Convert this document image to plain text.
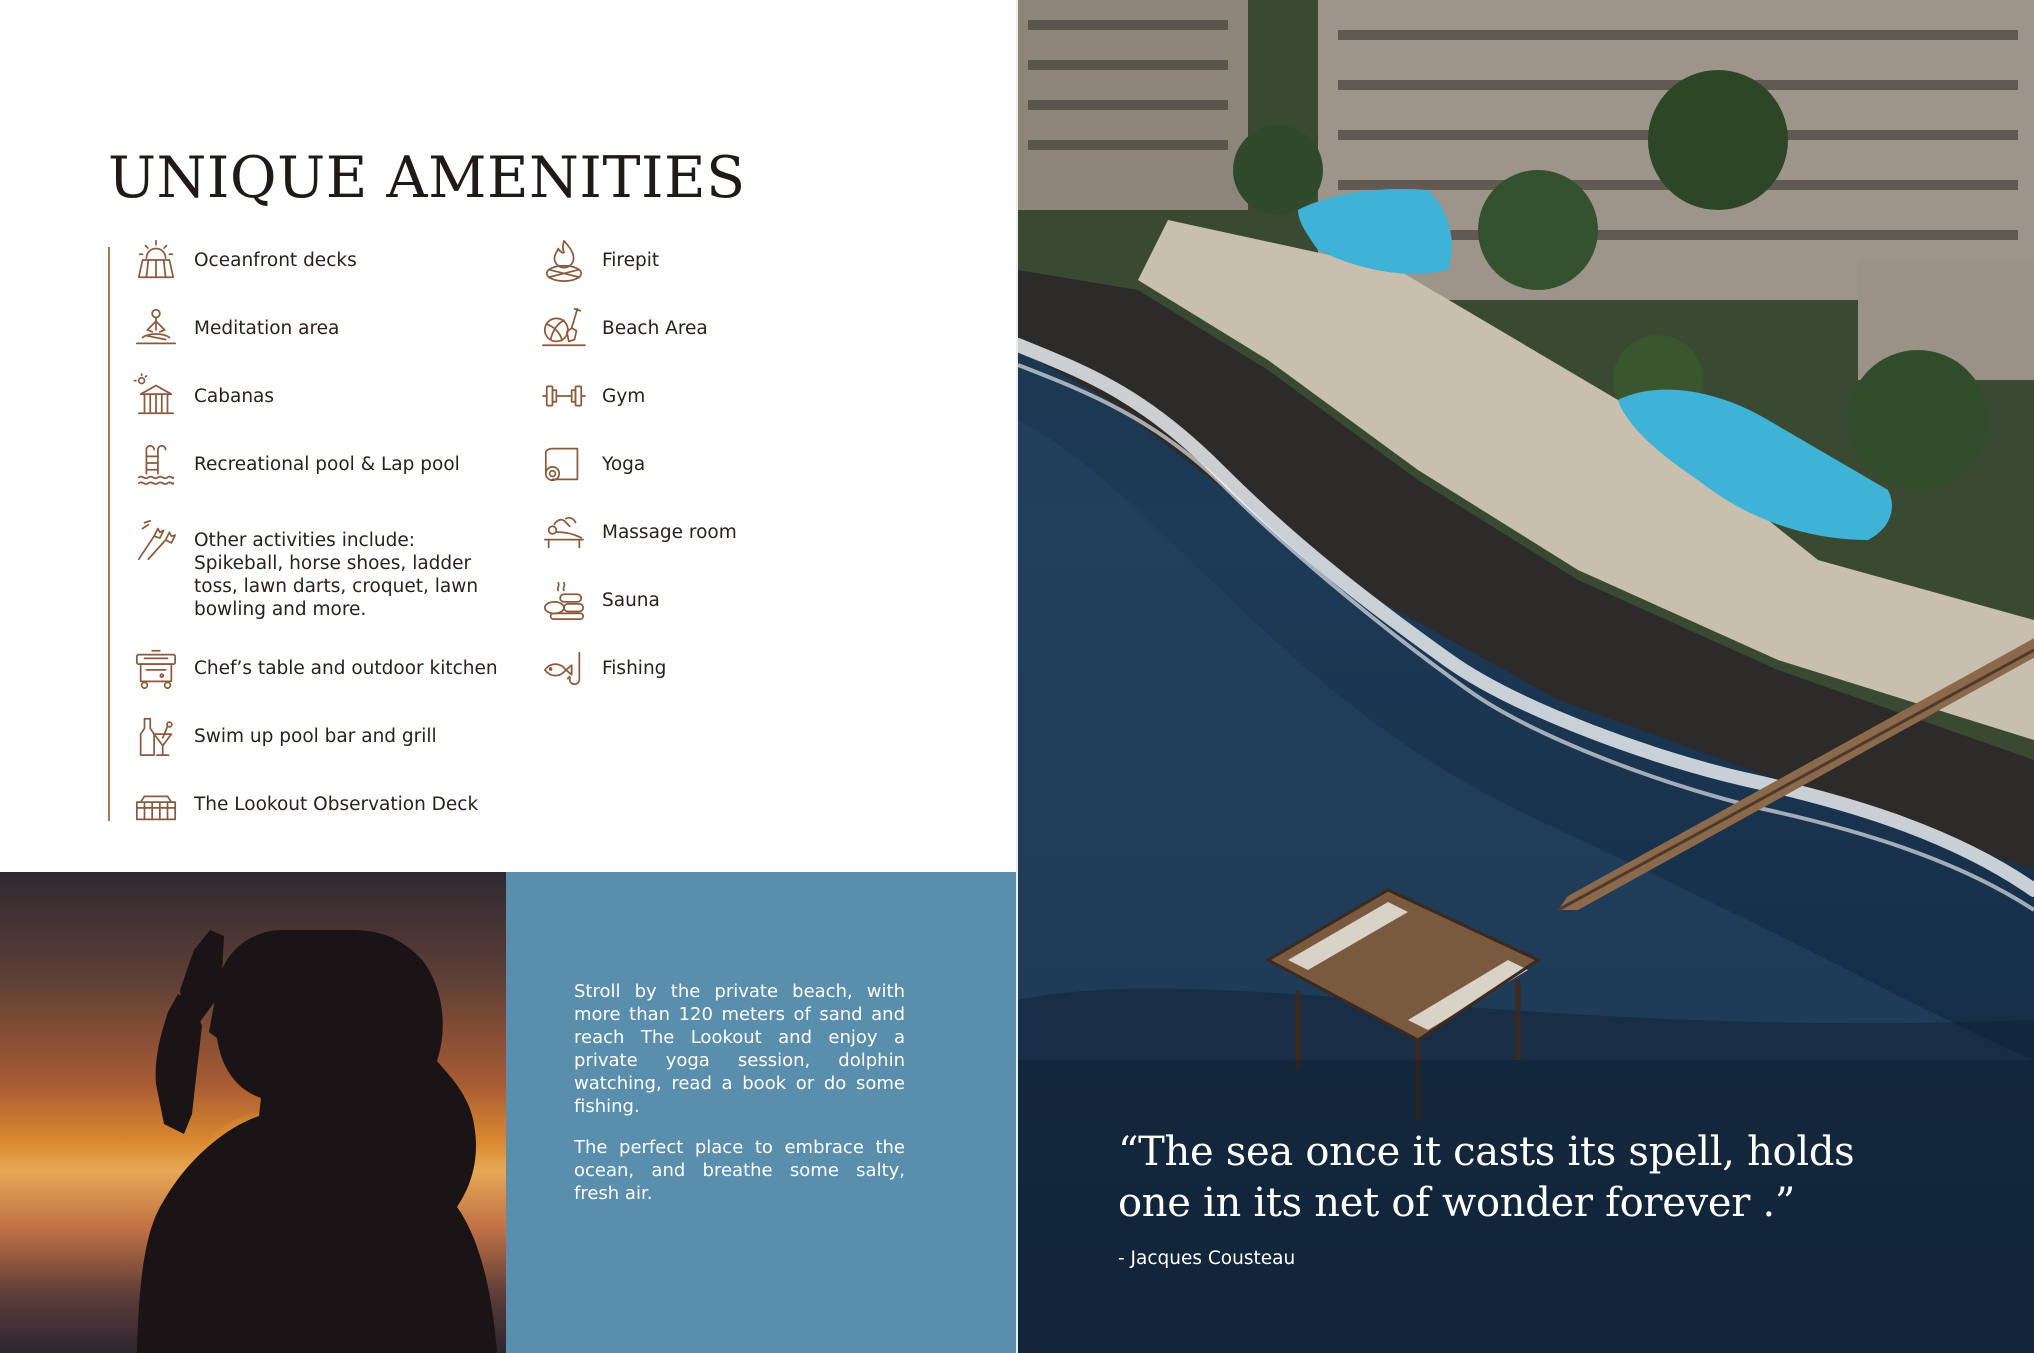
UNIQUE AMENITIES
Oceanfront decks
Meditation area
Cabanas
Recreational pool & Lap pool
Other activities include: Spikeball, horse shoes, ladder toss, lawn darts, croquet, lawn bowling and more.
Chef’s table and outdoor kitchen
Swim up pool bar and grill
The Lookout Observation Deck
Firepit
Beach Area
Gym
Yoga
Massage room
Sauna
Fishing

Stroll by the private beach, with more than 120 meters of sand and reach The Lookout and enjoy a private yoga session, dolphin watching, read a book or do some fishing.

The perfect place to embrace the ocean, and breathe some salty, fresh air.

“The sea once it casts its spell, holds one in its net of wonder forever .”

- Jacques Cousteau
